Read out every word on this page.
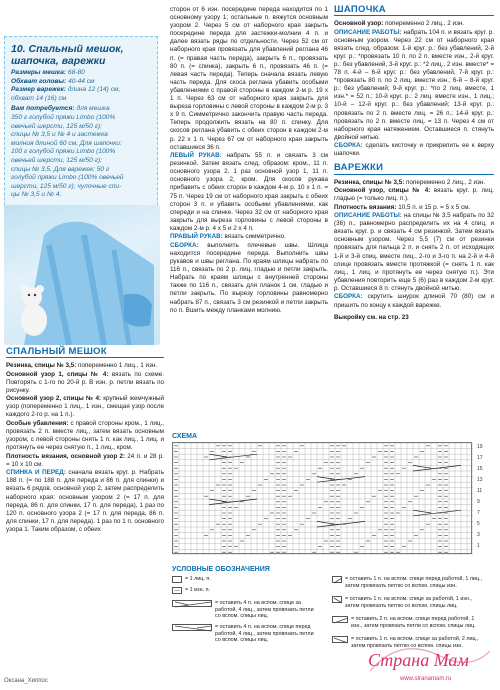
10. Спальный мешок,
шапочка, варежки
Размеры мешка: 68-80
Обхват головы: 40-44 см
Размер варежек: длина 12 (14) см,
обхват 14 (16) см
Вам потребуется: для мешка
350 г голубой пряжи Limbo (100%
овечьей шерсти, 125 м/50 г);
спицы № 3,5 и № 4 и застежка
молния длиной 60 см. Для шапочки:
100 г голубой пряжи Limbo (100%
овечьей шерсти, 125 м/50 г);
спицы № 3,5. Для варежек: 50 г
голубой пряжи Limbo (100% овечьей
шерсти, 125 м/50 г); чулочные спи-
цы № 3,5 и № 4.
СПАЛЬНЫЙ МЕШОК

Резинка, спицы № 3,5: попеременно 1 лиц., 1 изн.

Основной узор 1, спицы № 4: вязать по схеме. Повторять с 1-го по 20-й р. В изн. р. петли вязать по рисунку.

Основной узор 2, спицы № 4: крупный жемчужный узор (попеременно 1 лиц., 1 изн., смещая узор после каждого 2-го р. на 1 п.).

Особые убавления: с правой стороны кром., 1 лиц., провязать 2 п. вместе лиц., затем вязать основным узором, с левой стороны снять 1 п. как лиц., 1 лиц. и протянуть ее через снятую п., 1 лиц., кром.

Плотность вязания, основной узор 2: 24 п. и 28 р. = 10 х 10 см.

СПИНКА И ПЕРЕД: сначала вязать круг. р. Набрать 188 п. (= по 188 п. для переда и 86 п. для спинки) и вязать 6 рядов. основной узор 2, затем распределить наборного края: основным узором 2 (= 17 п. для переда, 86 п. для спинки, 17 п. для переда), 1 раз по 120 п. основного узора 2 (= 17 п. для переда, 86 п. для спинки, 17 п. для переда). 1 раз по 1 п. основного узора 1. Таким образом, с обеих

сторон от 6 изн. посередине переда находится по 1 основному узору 1; остальные п. вяжутся основным узором 2. Через 5 см от наборного края закрыть посередине переда для застежки-молнии 4 п. и далее вязать ряды по отдельности. Через 52 см от наборного края провязать для убавлений реглана 46 п. (= правая часть переда), закрыть 6 п., провязать 80 п. (= спинка), закрыть 6 п., провязать 46 п. (= левая часть переда). Теперь сначала вязать левую часть переда. Для скоса реглана убавить особыми убавлениями с правой стороны в каждом 2-м р. 19 х 1 п. Через 63 см от наборного края закрыть для выреза горловины с левой стороны в каждом 2-м р. 3 х 9 п. Симметрично закончить правую часть переда. Теперь продолжить вязать на 80 п. спинку. Для скосов реглана убавить с обеих сторон в каждом 2-м р. 22 х 1 п. Через 67 см от наборного края закрыть оставшиеся 36 п.

ЛЕВЫЙ РУКАВ: набрать 55 п. и связать 3 см резинкой. Затем вязать след. образом: кром., 11 п. основного узора 2, 1 раз основной узор 1, 11 п. основного узора 2, кром. Для скосов рукава прибавить с обеих сторон в каждом 4-м р. 10 х 1 п. = 75 п. Через 19 см от наборного края закрыть с обеих сторон 3 п. и убавить особыми убавлениями, как спереди и на спинке. Через 32 см от наборного края закрыть для выреза горловины с левой стороны в каждом 2-м р. 4 х 5 и 2 х 4 п.

ПРАВЫЙ РУКАВ: вязать симметрично.

СБОРКА: выполнить плечевые швы. Шлица находится посередине переда. Выполнить швы рукавов и швы реглана. По краям шлицы набрать по 116 п., связать по 2 р. лиц. гладью и петли закрыть. Набрать по краям шлицы с внутренней стороны также по 116 п., связать для планок 1 см. гладью и петли закрыть. По вырезу горловины равномерно набрать 87 п., связать 3 см резинкой и петли закрыть по п. Вшить между планками молнию.

ШАПОЧКА

Основной узор: попеременно 2 лиц., 2 изн.

ОПИСАНИЕ РАБОТЫ: набрать 104 п. и вязать круг. р. основным узором. Через 22 см от наборного края вязать след. образом: 1-й круг. р.: без убавлений, 2-й круг. р.: *провязать 10 п. по 2 п. вместе изн., 2-й круг. р.: без убавлений, 3-й круг. р.: *2 лиц., 2 изн. вместе* = 78 п. 4-й – 6-й круг. р.: без убавлений, 7-й круг. р.: *провязать 80 п. по 2 лиц. вместе изн.; 6-й – 8-й круг. р.: без убавлений; 9-й круг. р.: *по 2 лиц. вместе, 1 изн.* = 52 п.; 10-й круг. р.: 2 лиц. вместе изн., 1 лиц.; 10-й – 12-й круг. р.: без убавлений; 13-й круг. р.: провязать по 2 п. вместе лиц. = 26 п.; 14-й круг. р.: провязать по 2 п. вместе лиц. = 13 п. Через 4 см от наборного края натяжением. Оставшиеся п. стянуть двойной нитью.

СБОРКА: сделать кисточку и прикрепить ее к верху шапочки.

ВАРЕЖКИ

Резинка, спицы № 3,5: попеременно 2 лиц., 2 изн.

Основной узор, спицы № 4: вязать круг. р. лиц. гладью (= только лиц. п.).

Плотность вязания: 10,5 п. и 15 р. = 5 х 5 см.

ОПИСАНИЕ РАБОТЫ: на спицы № 3,5 набрать по 32 (36) п., равномерно распределить их на 4 спиц. и вязать круг. р. и связать 4 см резинкой. Затем вязать основным узором. Через 5,5 (7) см от резинки провязать для пальца 2 п. и снять 2 п. от исходящих 1-й и 3-й спиц. вместе лиц., 2-го и 3-го п. на 2-й и 4-й спице провязать вместе протяжкой (= снять 1 п. как лиц., 1 лиц. и протянуть ее через снятую п.). Эти убавления повторить еще 5 (6) раз в каждом 2-м круг. р. Оставшиеся 8 п. стянуть двойной нитью.

СБОРКА: скрутить шнурок длиной 70 (80) см и пришить по концу к каждой варежке.

Выкройку см. на стр. 23

СХЕМА
19
17
15
13
11
9
7
5
3
1
УСЛОВНЫЕ ОБОЗНАЧЕНИЯ
= 1 лиц. п.
— = 1 изн. п.
= оставить 4 п. на вспом. спице за работой, 4 лиц., затем провязать петли со вспом. спицы лиц.
= оставить 4 п. на вспом. спице перед работой, 4 лиц., затем провязать петли со вспом. спицы лиц.
= оставить 1 п. на вспом. спице перед работой, 1 лиц., затем провязать петлю со вспом. спицы изн.
= оставить 1 п. на вспом. спице за работой, 1 изн., затем провязать петлю со вспом. спицы лиц.
= оставить 2 п. на вспом. спице перед работой, 1 изн., затем провязать петли со вспом. спицы лиц.
= оставить 1 п. на вспом. спице за работой, 2 лиц., затем провязать петлю со вспом. спицы изн.
Оксана_Хиппос
Страна Мам
www.stranamam.ru
